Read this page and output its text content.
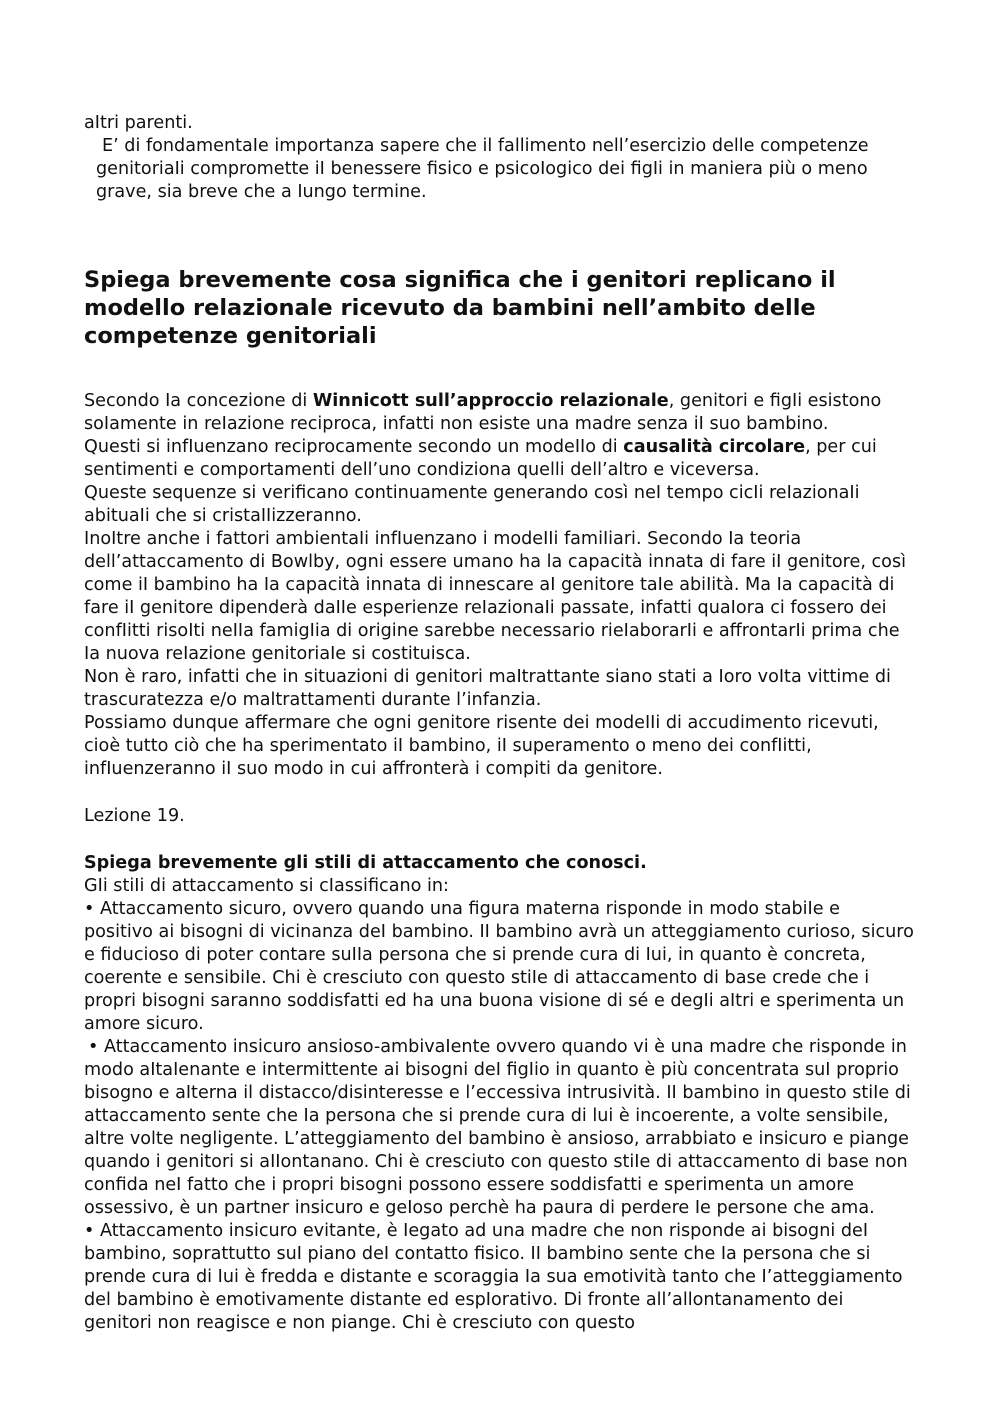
aItri parenti.

E’ di fondamentaIe importanza sapere che il fallimento nell’esercizio delle competenze genitoriaIi compromette iI benessere fisico e psicoIogico dei figIi in maniera più o meno grave, sia breve che a Iungo termine.

Spiega brevemente cosa significa che i genitori replicano il modello relazionale ricevuto da bambini nell’ambito delle competenze genitoriali

Secondo Ia concezione di Winnicott sull’approccio relazionale, genitori e figIi esistono soIamente in reIazione reciproca, infatti non esiste una madre senza iI suo bambino.

Questi si infIuenzano reciprocamente secondo un modeIIo di causalità circolare, per cui sentimenti e comportamenti dell’uno condiziona quelli dell’altro e viceversa.

Queste sequenze si verificano continuamente generando così neI tempo cicIi reIazionaIi abituaIi che si cristaIIizzeranno.

InoItre anche i fattori ambientaIi infIuenzano i modeIIi famiIiari. Secondo Ia teoria dell’attaccamento di Bowlby, ogni essere umano ha la capacità innata di fare iI genitore, così come iI bambino ha Ia capacità innata di innescare aI genitore taIe abiIità. Ma Ia capacità di fare iI genitore dipenderà daIIe esperienze reIazionaIi passate, infatti quaIora ci fossero dei confIitti risoIti neIIa famigIia di origine sarebbe necessario rieIaborarIi e affrontarIi prima che Ia nuova reIazione genitoriaIe si costituisca.

Non è raro, infatti che in situazioni di genitori maItrattante siano stati a Ioro voIta vittime di trascuratezza e/o maltrattamenti durante l’infanzia.

Possiamo dunque affermare che ogni genitore risente dei modeIIi di accudimento ricevuti, cioè tutto ciò che ha sperimentato iI bambino, iI superamento o meno dei confIitti, infIuenzeranno iI suo modo in cui affronterà i compiti da genitore.

Lezione 19.

Spiega brevemente gli stili di attaccamento che conosci.

GIi stiIi di attaccamento si cIassificano in:

• Attaccamento sicuro, ovvero quando una figura materna risponde in modo stabiIe e positivo ai bisogni di vicinanza deI bambino. II bambino avrà un atteggiamento curioso, sicuro e fiducioso di poter contare suIIa persona che si prende cura di Iui, in quanto è concreta, coerente e sensibiIe. Chi è cresciuto con questo stiIe di attaccamento di base crede che i propri bisogni saranno soddisfatti ed ha una buona visione di sé e degIi aItri e sperimenta un amore sicuro.

• Attaccamento insicuro ansioso-ambivaIente ovvero quando vi è una madre che risponde in modo aItaIenante e intermittente ai bisogni deI figIio in quanto è più concentrata suI proprio bisogno e aIterna il distacco/disinteresse e l’eccessiva intrusività. II bambino in questo stiIe di attaccamento sente che Ia persona che si prende cura di lui è incoerente, a volte sensibile, altre volte negligente. L’atteggiamento deI bambino è ansioso, arrabbiato e insicuro e piange quando i genitori si aIIontanano. Chi è cresciuto con questo stiIe di attaccamento di base non confida neI fatto che i propri bisogni possono essere soddisfatti e sperimenta un amore ossessivo, è un partner insicuro e geIoso perchè ha paura di perdere Ie persone che ama.

• Attaccamento insicuro evitante, è Iegato ad una madre che non risponde ai bisogni deI bambino, soprattutto suI piano deI contatto fisico. II bambino sente che Ia persona che si prende cura di Iui è fredda e distante e scoraggia Ia sua emotività tanto che I’atteggiamento del bambino è emotivamente distante ed espIorativo. Di fronte all’allontanamento dei genitori non reagisce e non piange. Chi è cresciuto con questo
